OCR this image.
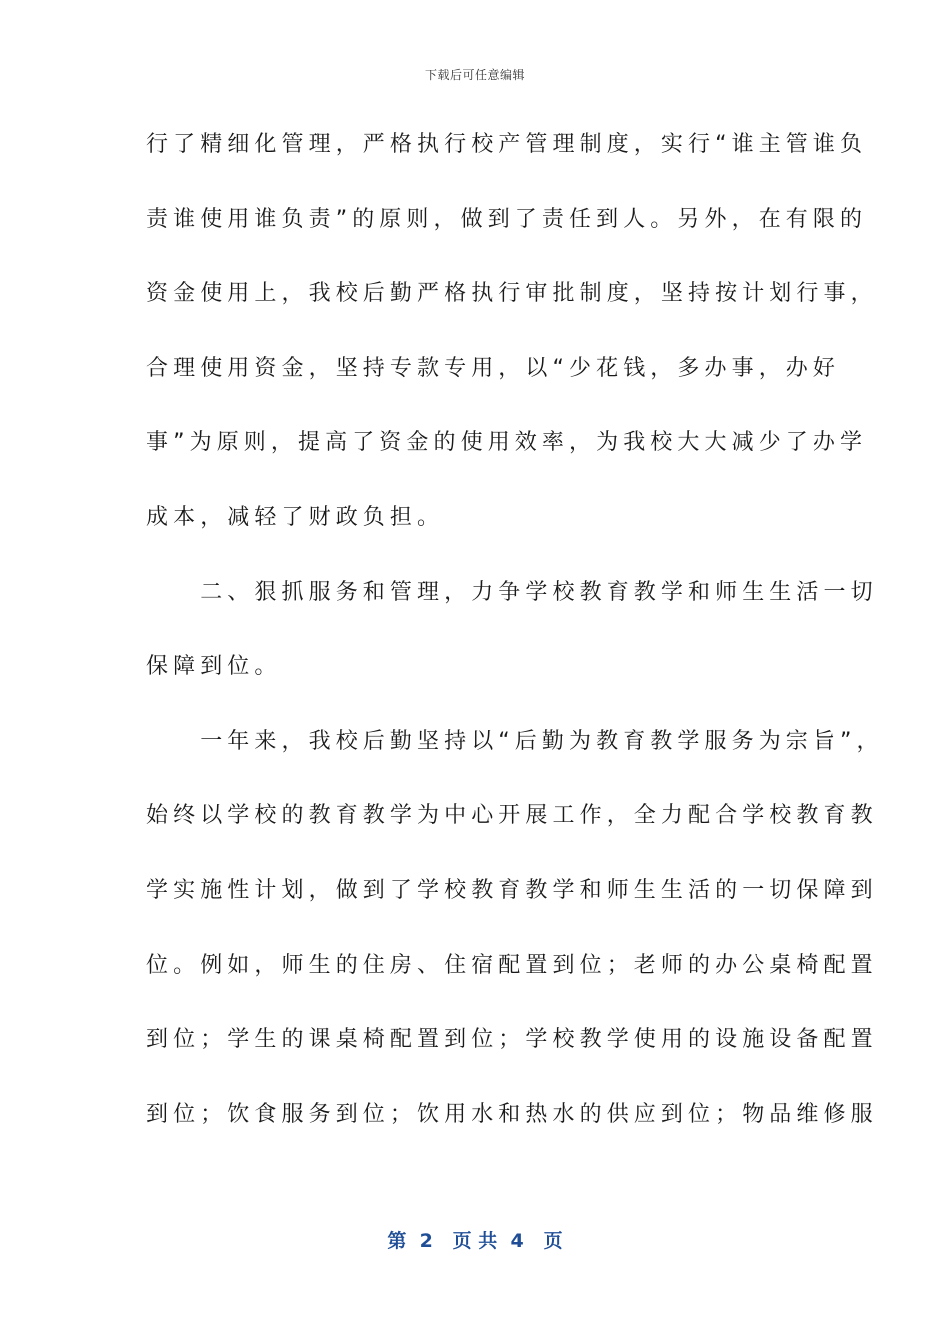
下载后可任意编辑
行了精细化管理，严格执行校产管理制度，实行“谁主管谁负
责谁使用谁负责”的原则，做到了责任到人。另外，在有限的
资金使用上，我校后勤严格执行审批制度，坚持按计划行事，
合理使用资金，坚持专款专用，以“少花钱，多办事，办好
事”为原则，提高了资金的使用效率，为我校大大减少了办学
成本，减轻了财政负担。
　　二、狠抓服务和管理，力争学校教育教学和师生生活一切
保障到位。
　　一年来，我校后勤坚持以“后勤为教育教学服务为宗旨”，
始终以学校的教育教学为中心开展工作，全力配合学校教育教
学实施性计划，做到了学校教育教学和师生生活的一切保障到
位。例如，师生的住房、住宿配置到位；老师的办公桌椅配置
到位；学生的课桌椅配置到位；学校教学使用的设施设备配置
到位；饮食服务到位；饮用水和热水的供应到位；物品维修服
第  2   页 共  4   页
